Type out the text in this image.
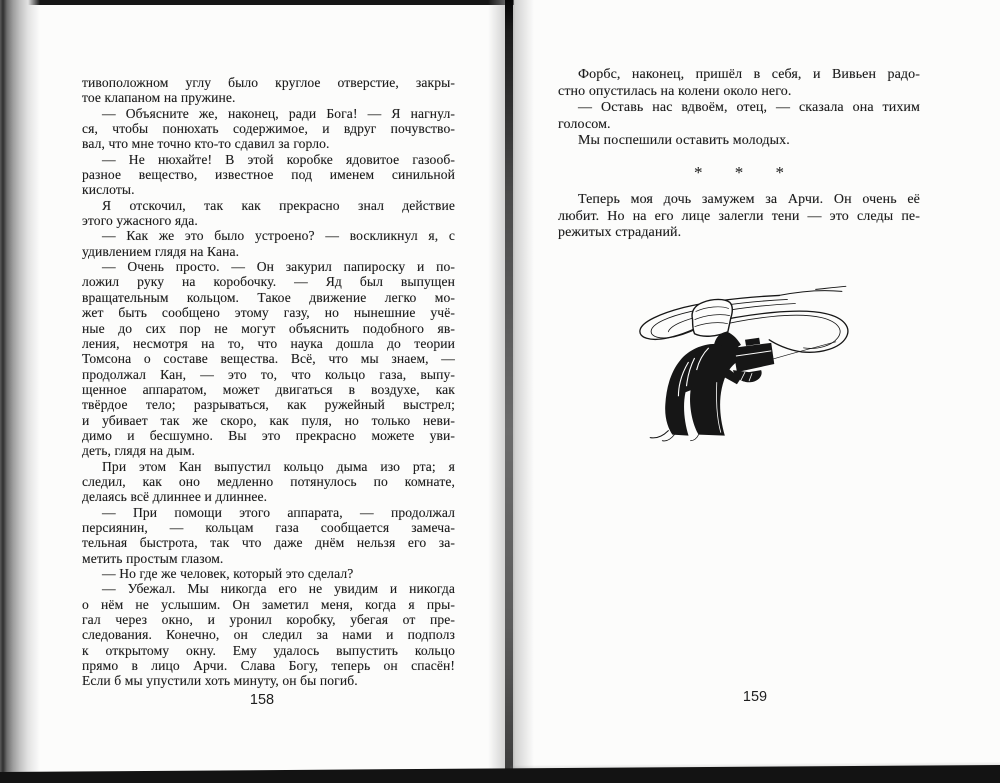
тивоположном углу было круглое отверстие, закры-
тое клапаном на пружине.
— Объясните же, наконец, ради Бога! — Я нагнул-
ся, чтобы понюхать содержимое, и вдруг почувство-
вал, что мне точно кто-то сдавил за горло.
— Не нюхайте! В этой коробке ядовитое газооб-
разное вещество, известное под именем синильной
кислоты.
Я отскочил, так как прекрасно знал действие
этого ужасного яда.
— Как же это было устроено? — воскликнул я, с
удивлением глядя на Кана.
— Очень просто. — Он закурил папироску и по-
ложил руку на коробочку. — Яд был выпущен
вращательным кольцом. Такое движение легко мо-
жет быть сообщено этому газу, но нынешние учё-
ные до сих пор не могут объяснить подобного яв-
ления, несмотря на то, что наука дошла до теории
Томсона о составе вещества. Всё, что мы знаем, —
продолжал Кан, — это то, что кольцо газа, выпу-
щенное аппаратом, может двигаться в воздухе, как
твёрдое тело; разрываться, как ружейный выстрел;
и убивает так же скоро, как пуля, но только неви-
димо и бесшумно. Вы это прекрасно можете уви-
деть, глядя на дым.
При этом Кан выпустил кольцо дыма изо рта; я
следил, как оно медленно потянулось по комнате,
делаясь всё длиннее и длиннее.
— При помощи этого аппарата, — продолжал
персиянин, — кольцам газа сообщается замеча-
тельная быстрота, так что даже днём нельзя его за-
метить простым глазом.
— Но где же человек, который это сделал?
— Убежал. Мы никогда его не увидим и никогда
о нём не услышим. Он заметил меня, когда я пры-
гал через окно, и уронил коробку, убегая от пре-
следования. Конечно, он следил за нами и подполз
к открытому окну. Ему удалось выпустить кольцо
прямо в лицо Арчи. Слава Богу, теперь он спасён!
Если б мы упустили хоть минуту, он бы погиб.
158
Форбс, наконец, пришёл в себя, и Вивьен радо-
стно опустилась на колени около него.
— Оставь нас вдвоём, отец, — сказала она тихим
голосом.
Мы поспешили оставить молодых.
* * *
Теперь моя дочь замужем за Арчи. Он очень её
любит. Но на его лице залегли тени — это следы пе-
режитых страданий.
159
